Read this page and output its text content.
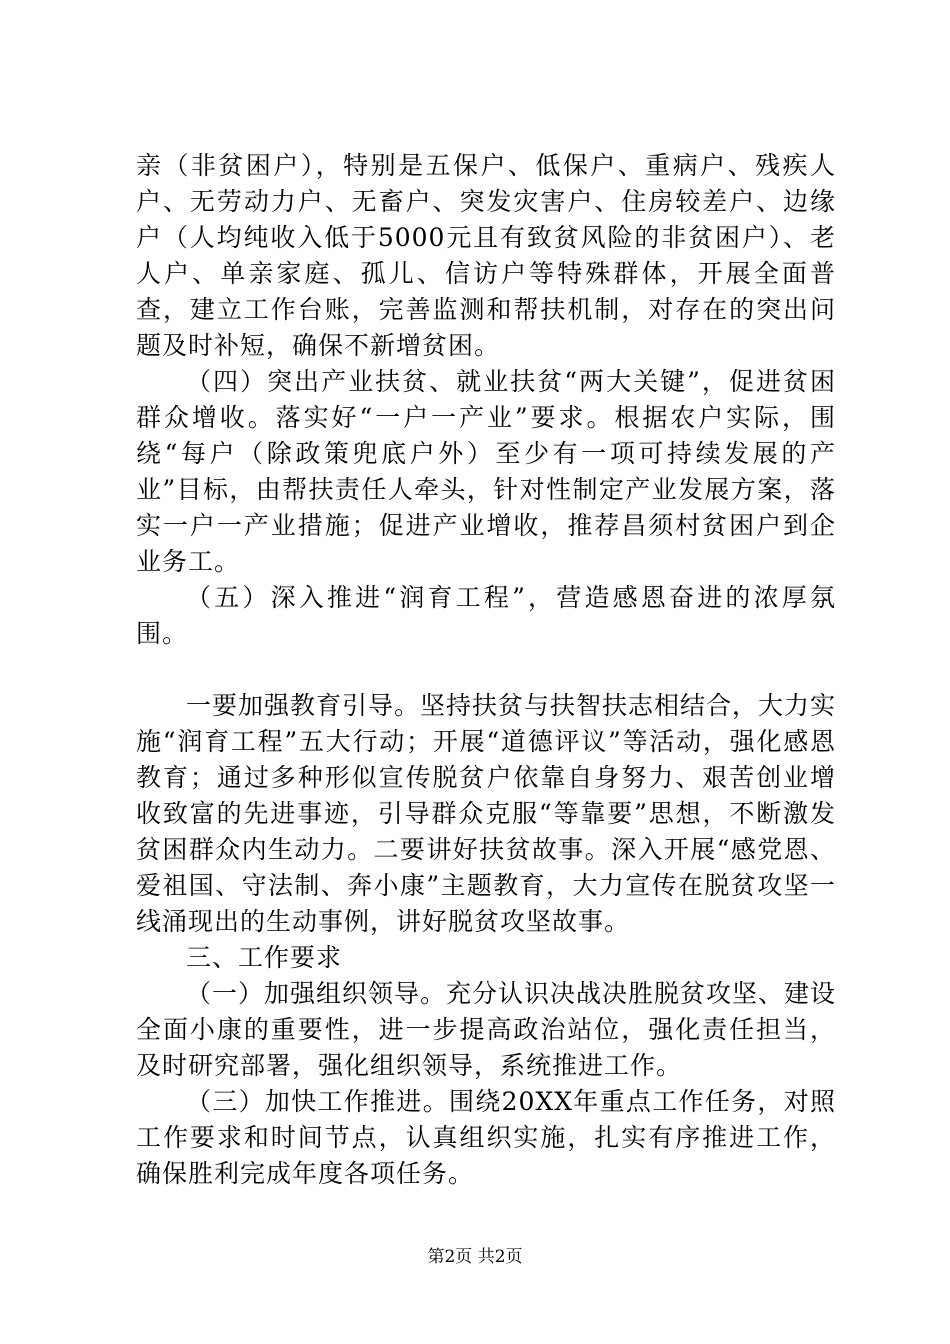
亲（非贫困户），特别是五保户、低保户、重病户、残疾人户、无劳动力户、无畜户、突发灾害户、住房较差户、边缘户（人均纯收入低于5000元且有致贫风险的非贫困户）、老人户、单亲家庭、孤儿、信访户等特殊群体，开展全面普查，建立工作台账，完善监测和帮扶机制，对存在的突出问题及时补短，确保不新增贫困。

（四）突出产业扶贫、就业扶贫“两大关键”，促进贫困群众增收。落实好“一户一产业”要求。根据农户实际，围绕“每户（除政策兜底户外）至少有一项可持续发展的产业”目标，由帮扶责任人牵头，针对性制定产业发展方案，落实一户一产业措施；促进产业增收，推荐昌须村贫困户到企业务工。

（五）深入推进“润育工程”，营造感恩奋进的浓厚氛围。

一要加强教育引导。坚持扶贫与扶智扶志相结合，大力实施“润育工程”五大行动；开展“道德评议”等活动，强化感恩教育；通过多种形似宣传脱贫户依靠自身努力、艰苦创业增收致富的先进事迹，引导群众克服“等靠要”思想，不断激发贫困群众内生动力。二要讲好扶贫故事。深入开展“感党恩、爱祖国、守法制、奔小康”主题教育，大力宣传在脱贫攻坚一线涌现出的生动事例，讲好脱贫攻坚故事。

三、工作要求

（一）加强组织领导。充分认识决战决胜脱贫攻坚、建设全面小康的重要性，进一步提高政治站位，强化责任担当，及时研究部署，强化组织领导，系统推进工作。

（三）加快工作推进。围绕20XX年重点工作任务，对照工作要求和时间节点，认真组织实施，扎实有序推进工作，确保胜利完成年度各项任务。

第2页 共2页
